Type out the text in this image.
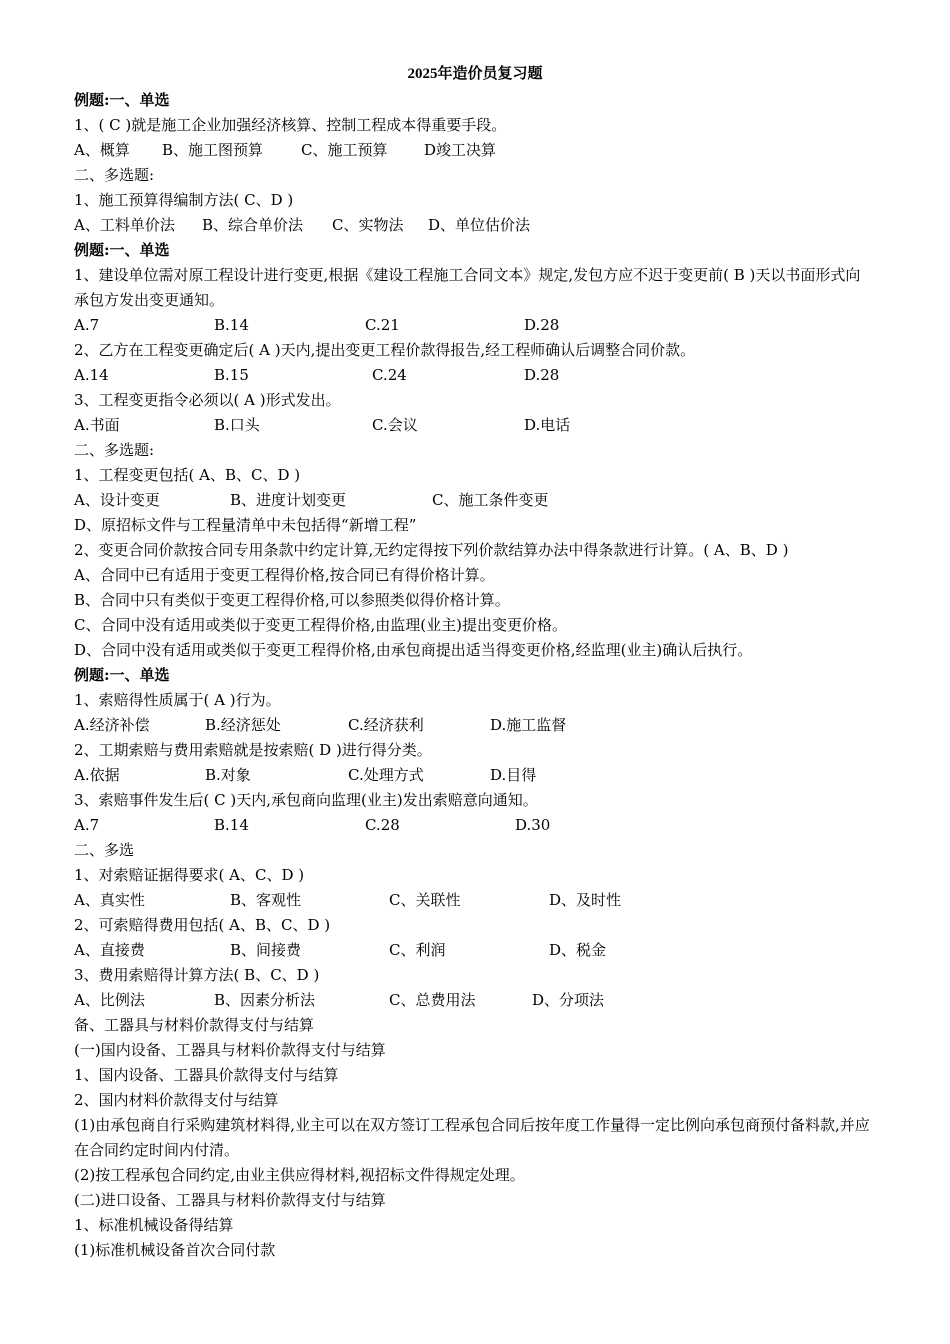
2025年造价员复习题
例题:一、单选
1、( C )就是施工企业加强经济核算、控制工程成本得重要手段。
A、概算 B、施工图预算	C、施工预算 D竣工决算
二、多选题:
1、施工预算得编制方法( C、D )
A、工料单价法 B、综合单价法 C、实物法 D、单位估价法
例题:一、单选
1、建设单位需对原工程设计进行变更,根据《建设工程施工合同文本》规定,发包方应不迟于变更前( B )天以书面形式向承包方发出变更通知。
A.7	B.14	C.21	D.28
2、乙方在工程变更确定后( A )天内,提出变更工程价款得报告,经工程师确认后调整合同价款。
A.14	B.15	C.24	D.28
3、工程变更指令必须以( A )形式发出。
A.书面	B.口头	C.会议	D.电话
二、多选题:
1、工程变更包括( A、B、C、D )
A、设计变更	B、进度计划变更	C、施工条件变更
D、原招标文件与工程量清单中未包括得“新增工程”
2、变更合同价款按合同专用条款中约定计算,无约定得按下列价款结算办法中得条款进行计算。( A、B、D )
A、合同中已有适用于变更工程得价格,按合同已有得价格计算。
B、合同中只有类似于变更工程得价格,可以参照类似得价格计算。
C、合同中没有适用或类似于变更工程得价格,由监理(业主)提出变更价格。
D、合同中没有适用或类似于变更工程得价格,由承包商提出适当得变更价格,经监理(业主)确认后执行。
例题:一、单选
1、索赔得性质属于( A )行为。
A.经济补偿	B.经济惩处	C.经济获利	D.施工监督
2、工期索赔与费用索赔就是按索赔( D )进行得分类。
A.依据	B.对象	C.处理方式	D.目得
3、索赔事件发生后( C )天内,承包商向监理(业主)发出索赔意向通知。
A.7	B.14	C.28	D.30
二、多选
1、对索赔证据得要求( A、C、D )
A、真实性	B、客观性	C、关联性	D、及时性
2、可索赔得费用包括( A、B、C、D )
A、直接费	B、间接费	C、利润	D、税金
3、费用索赔得计算方法( B、C、D )
A、比例法	B、因素分析法	C、总费用法	D、分项法
备、工器具与材料价款得支付与结算
(一)国内设备、工器具与材料价款得支付与结算
1、国内设备、工器具价款得支付与结算
2、国内材料价款得支付与结算
(1)由承包商自行采购建筑材料得,业主可以在双方签订工程承包合同后按年度工作量得一定比例向承包商预付备料款,并应在合同约定时间内付清。
(2)按工程承包合同约定,由业主供应得材料,视招标文件得规定处理。
(二)进口设备、工器具与材料价款得支付与结算
1、标准机械设备得结算
(1)标准机械设备首次合同付款
